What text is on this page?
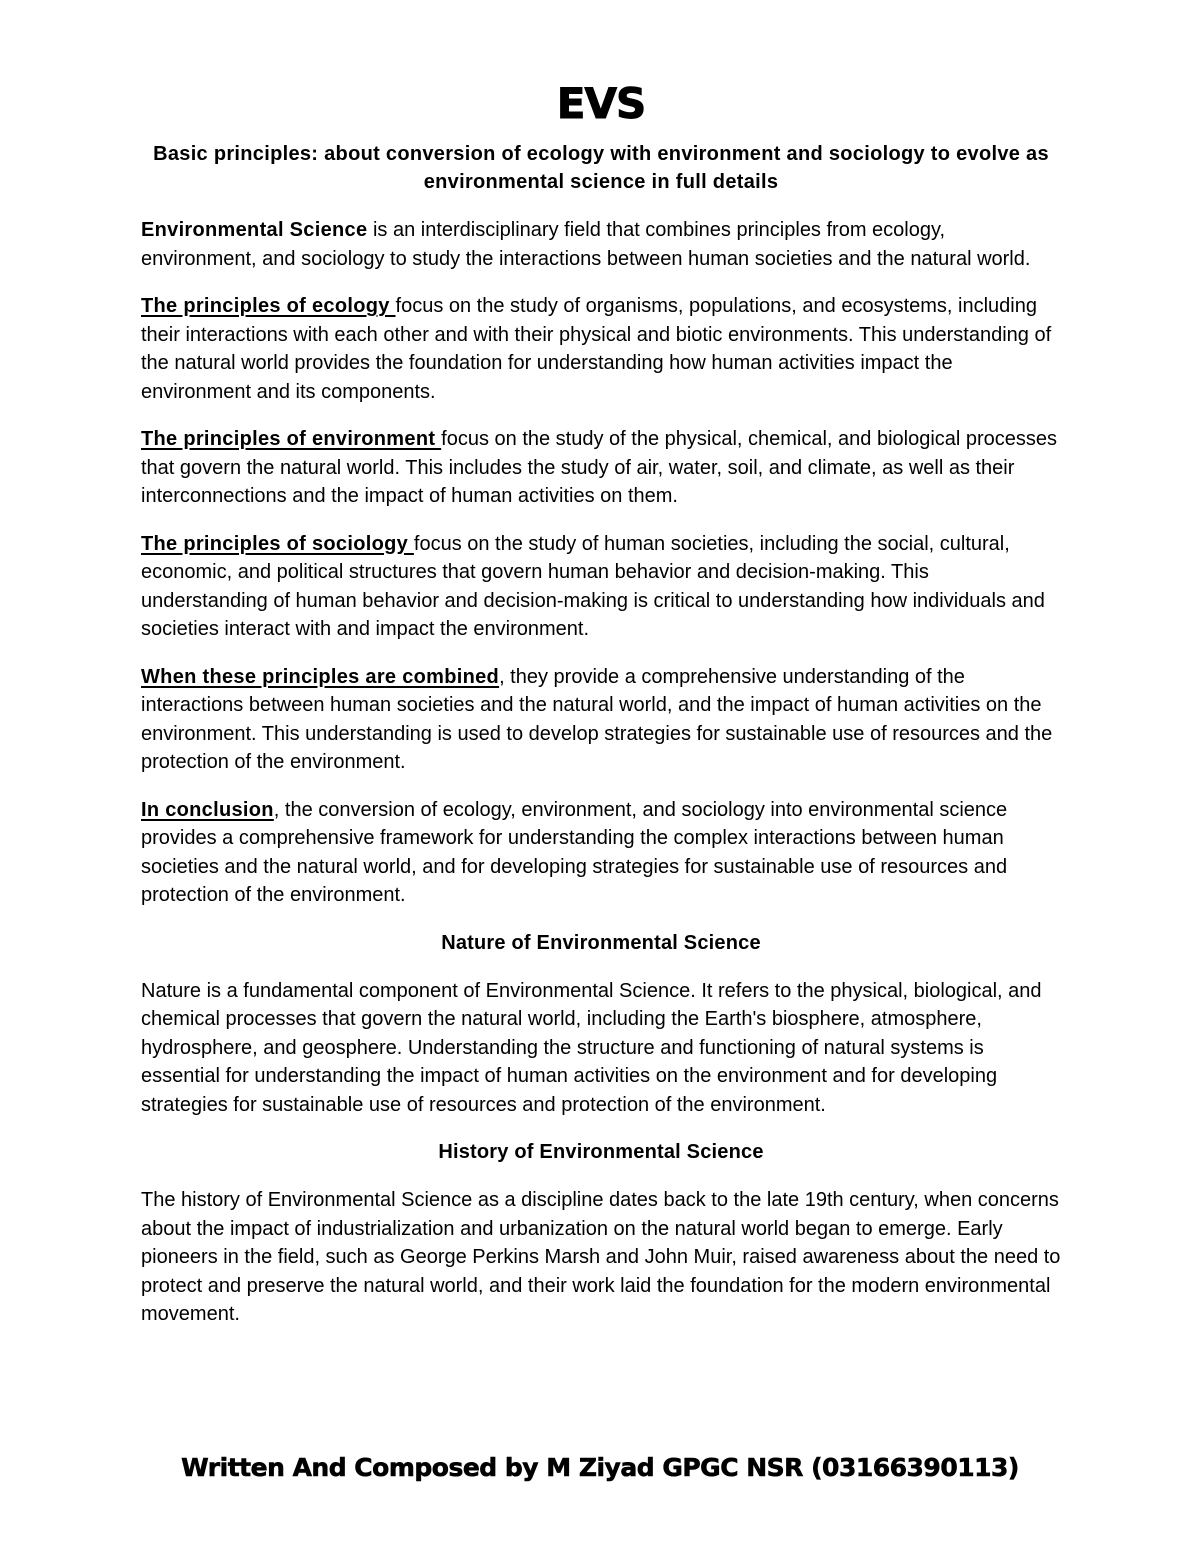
EVS
Basic principles: about conversion of ecology with environment and sociology to evolve as environmental science in full details

Environmental Science is an interdisciplinary field that combines principles from ecology, environment, and sociology to study the interactions between human societies and the natural world.

The principles of ecology focus on the study of organisms, populations, and ecosystems, including their interactions with each other and with their physical and biotic environments. This understanding of the natural world provides the foundation for understanding how human activities impact the environment and its components.

The principles of environment focus on the study of the physical, chemical, and biological processes that govern the natural world. This includes the study of air, water, soil, and climate, as well as their interconnections and the impact of human activities on them.

The principles of sociology focus on the study of human societies, including the social, cultural, economic, and political structures that govern human behavior and decision-making. This understanding of human behavior and decision-making is critical to understanding how individuals and societies interact with and impact the environment.

When these principles are combined, they provide a comprehensive understanding of the interactions between human societies and the natural world, and the impact of human activities on the environment. This understanding is used to develop strategies for sustainable use of resources and the protection of the environment.

In conclusion, the conversion of ecology, environment, and sociology into environmental science provides a comprehensive framework for understanding the complex interactions between human societies and the natural world, and for developing strategies for sustainable use of resources and protection of the environment.

Nature of Environmental Science

Nature is a fundamental component of Environmental Science. It refers to the physical, biological, and chemical processes that govern the natural world, including the Earth's biosphere, atmosphere, hydrosphere, and geosphere. Understanding the structure and functioning of natural systems is essential for understanding the impact of human activities on the environment and for developing strategies for sustainable use of resources and protection of the environment.

History of Environmental Science

The history of Environmental Science as a discipline dates back to the late 19th century, when concerns about the impact of industrialization and urbanization on the natural world began to emerge. Early pioneers in the field, such as George Perkins Marsh and John Muir, raised awareness about the need to protect and preserve the natural world, and their work laid the foundation for the modern environmental movement.

Written And Composed by M Ziyad GPGC NSR (03166390113)
